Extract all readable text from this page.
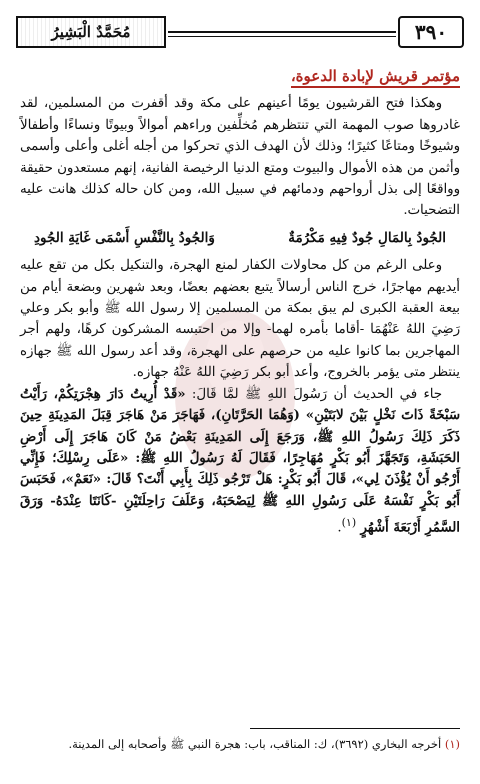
٣٩٠
مُحَمَّدٌ الْبَشِيرُ
مؤتمر قريش لإبادة الدعوة،

وهكذا فتح القرشيون يومًا أعينهم على مكة وقد أقفرت من المسلمين، لقد غادروها صوب المهمة التي تنتظرهم مُخلِّفين وراءهم أموالاً وبيوتًا ونساءًا وأطفالاً وشيوخًا ومتاعًا كثيرًا؛ وذلك لأن الهدف الذي تحركوا من أجله أغلى وأعلى وأسمى وأثمن من هذه الأموال والبيوت ومتع الدنيا الرخيصة الفانية، إنهم مستعدون حقيقة وواقعًا إلى بذل أرواحهم ودمائهم في سبيل الله، ومن كان حاله كذلك هانت عليه التضحيات.

الجُودُ بِالمَالِ جُودٌ فِيهِ مَكْرُمَةٌ
وَالجُودُ بِالنَّفْسِ أَسْمَى غَايَةِ الجُودِ

وعلى الرغم من كل محاولات الكفار لمنع الهجرة، والتنكيل بكل من تقع عليه أيديهم مهاجرًا، خرج الناس أرسالاً يتبع بعضهم بعضًا، وبعد شهرين وبضعة أيام من بيعة العقبة الكبرى لم يبق بمكة من المسلمين إلا رسول الله ﷺ وأبو بكر وعلي رَضِيَ اللهُ عَنْهُمَا -أقاما بأمره لهما- وإلا من احتبسه المشركون كرهًا، ولهم أجر المهاجرين بما كانوا عليه من حرصهم على الهجرة، وقد أعد رسول الله ﷺ جهازه ينتظر متى يؤمر بالخروج، وأعد أبو بكر رَضِيَ اللهُ عَنْهُ جهازه.

جاء في الحديث أن رَسُولَ اللهِ ﷺ لمَّا قَالَ: «قَدْ أُرِيتُ دَارَ هِجْرَتِكُمْ، رَأَيْتُ سَبْخَةً ذَاتَ نَخْلٍ بَيْنَ لابَتَيْنِ» (وَهُمَا الحَرَّتَانِ)، فَهَاجَرَ مَنْ هَاجَرَ قِبَلَ المَدِينَةِ حِينَ ذَكَرَ ذَلِكَ رَسُولُ اللهِ ﷺ، وَرَجَعَ إِلَى المَدِينَةِ بَعْضُ مَنْ كَانَ هَاجَرَ إِلَى أَرْضِ الحَبَشَةِ، وَتَجَهَّزَ أَبُو بَكْرٍ مُهَاجِرًا، فَقَالَ لَهُ رَسُولُ اللهِ ﷺ: «عَلَى رِسْلِكَ؛ فَإِنِّي أَرْجُو أَنْ يُؤْذَنَ لِي»، قَالَ أَبُو بَكْرٍ: هَلْ تَرْجُو ذَلِكَ بِأَبِي أَنْتَ؟ قَالَ: «نَعَمْ»، فَحَبَسَ أَبُو بَكْرٍ نَفْسَهُ عَلَى رَسُولِ اللهِ ﷺ لِيَصْحَبَهُ، وَعَلَفَ رَاحِلَتَيْنِ -كَانَتَا عِنْدَهُ- وَرَقَ السَّمُرِ أَرْبَعَةَ أَشْهُرٍ $^{(١)}$.

(١) أخرجه البخاري (٣٦٩٢)، ك: المناقب، باب: هجرة النبي ﷺ وأصحابه إلى المدينة.
